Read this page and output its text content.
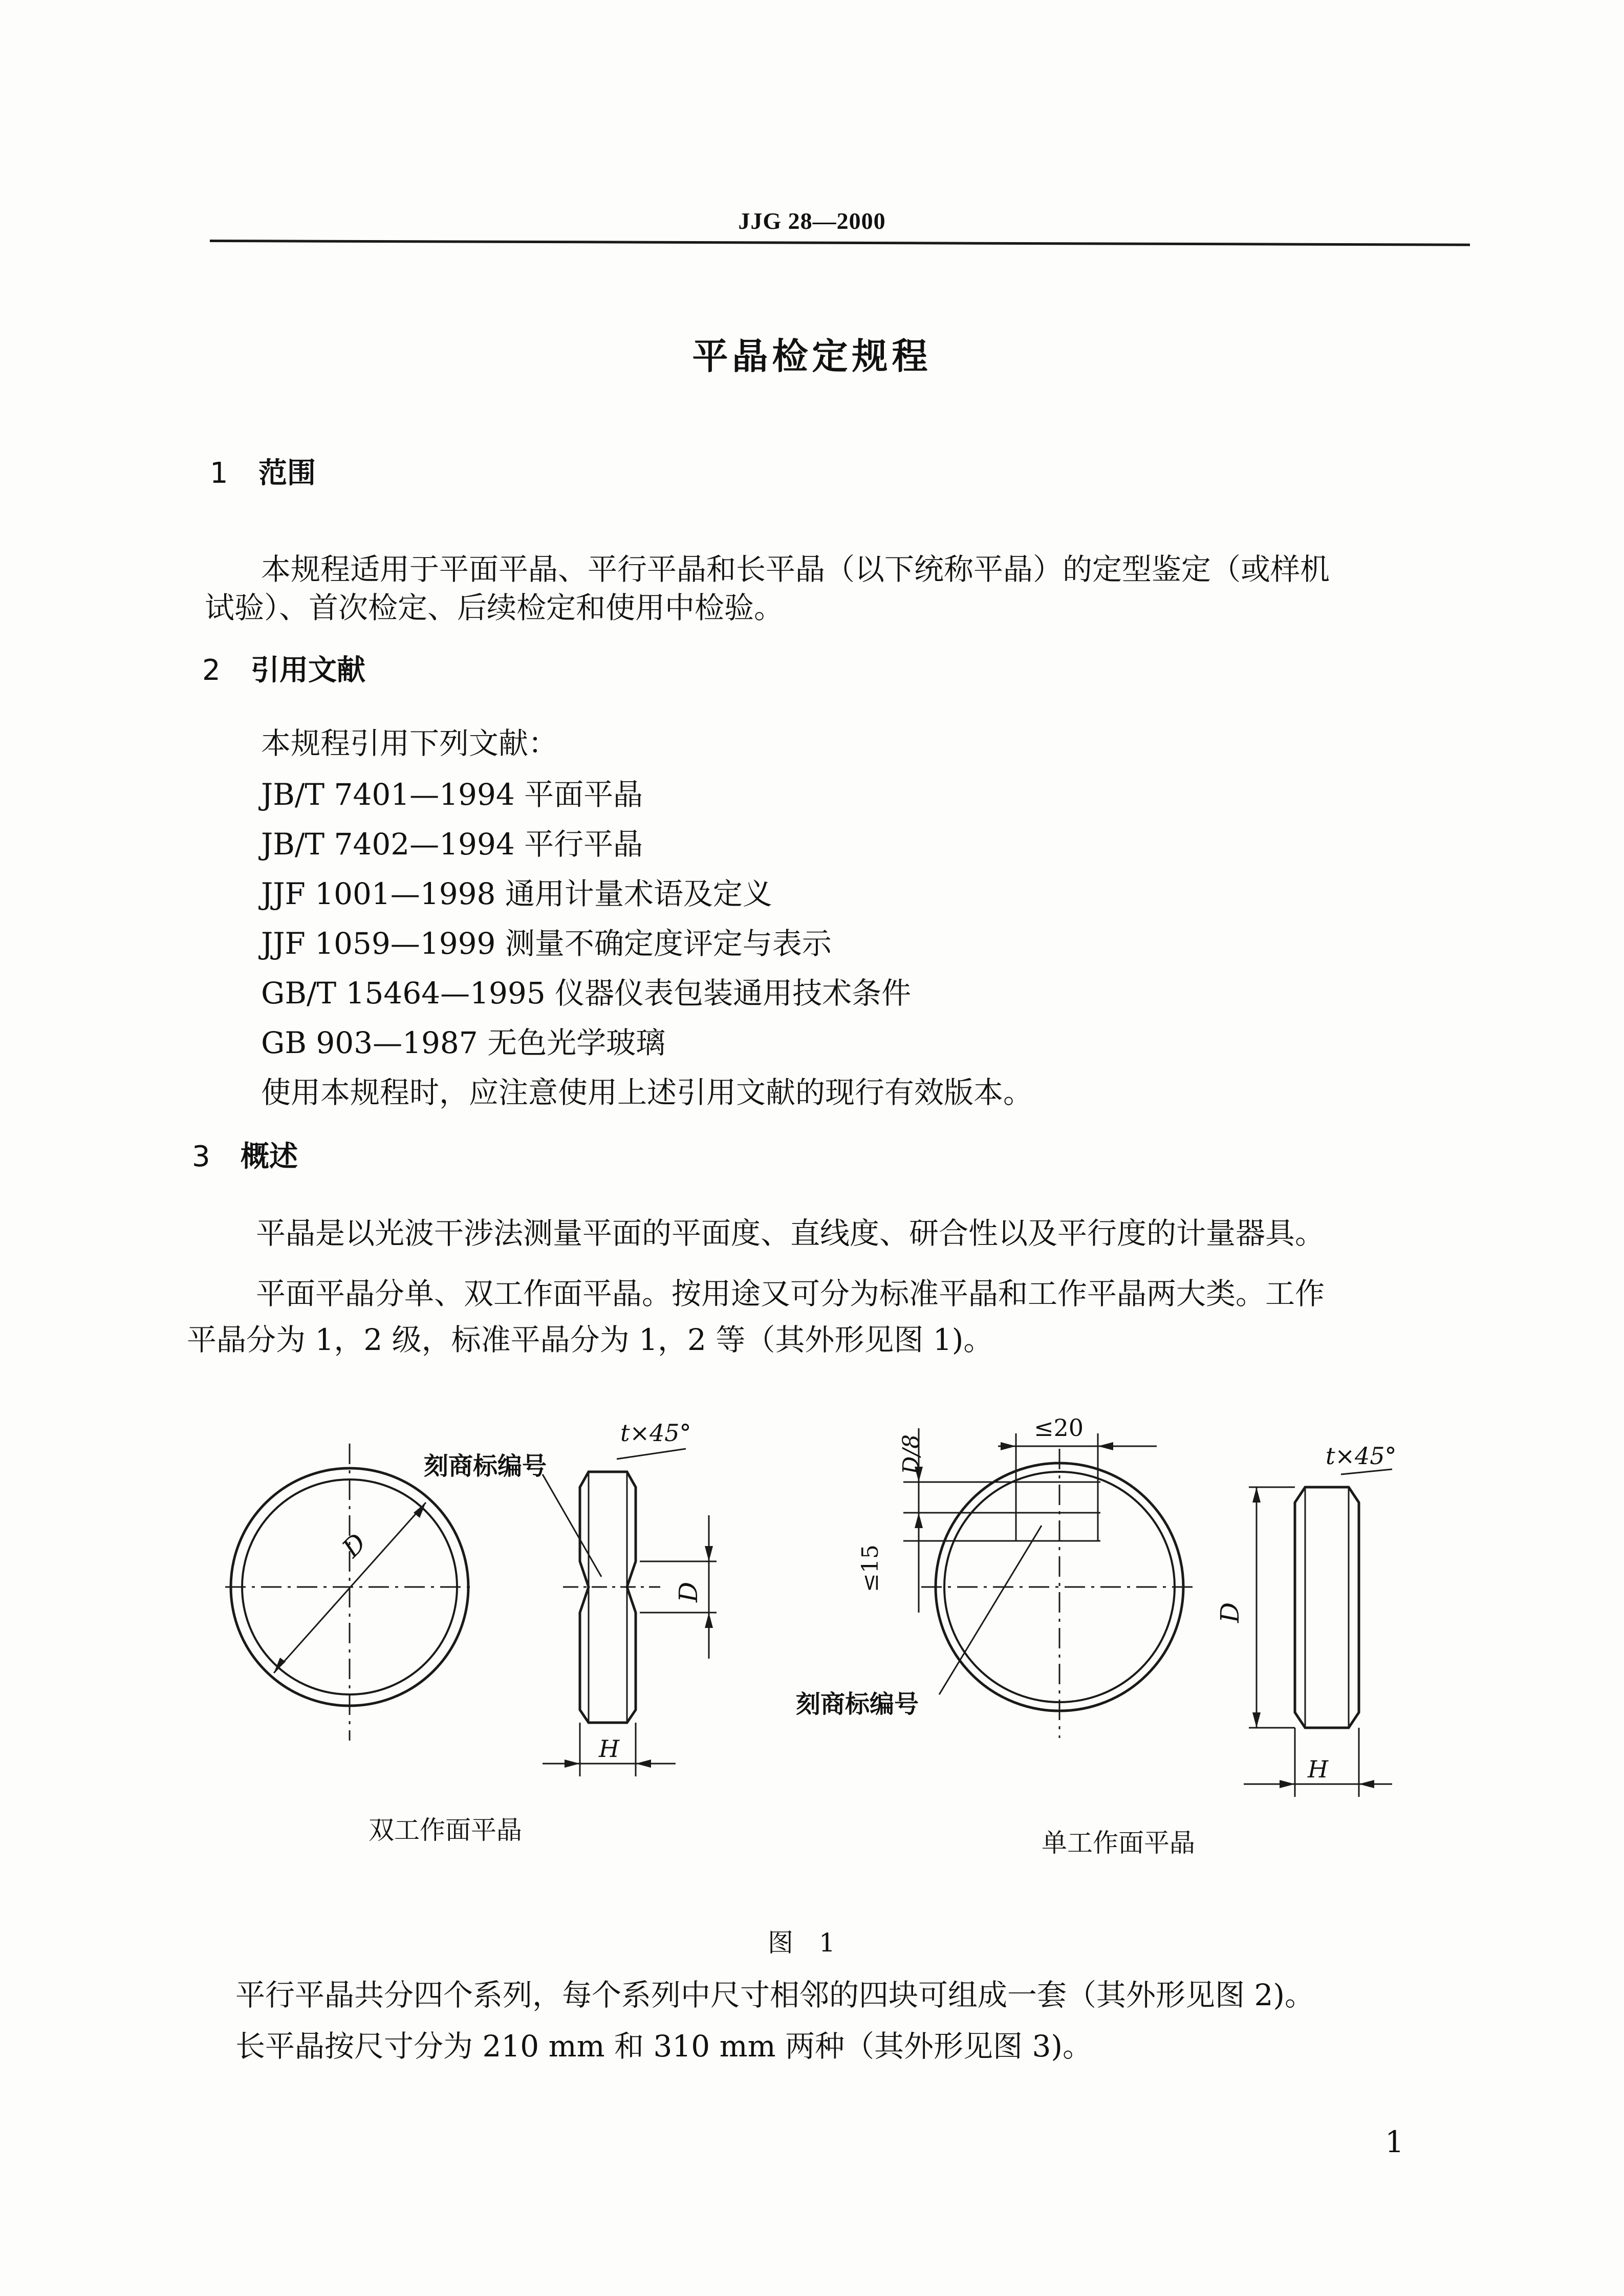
JJG 28—2000
平晶检定规程
1 范围
本规程适用于平面平晶、平行平晶和长平晶（以下统称平晶）的定型鉴定（或样机
试验）、首次检定、后续检定和使用中检验。
2 引用文献
本规程引用下列文献：
JB/T 7401—1994 平面平晶
JB/T 7402—1994 平行平晶
JJF 1001—1998 通用计量术语及定义
JJF 1059—1999 测量不确定度评定与表示
GB/T 15464—1995 仪器仪表包装通用技术条件
GB 903—1987 无色光学玻璃
使用本规程时，应注意使用上述引用文献的现行有效版本。
3 概述
平晶是以光波干涉法测量平面的平面度、直线度、研合性以及平行度的计量器具。
平面平晶分单、双工作面平晶。按用途又可分为标准平晶和工作平晶两大类。工作
平晶分为 1，2 级，标准平晶分为 1，2 等（其外形见图 1)。
刻商标编号
t×45°
D
D
H
刻商标编号
t×45°
≤20
D/8
≤15
D
H
双工作面平晶	单工作面平晶
图　1
平行平晶共分四个系列，每个系列中尺寸相邻的四块可组成一套（其外形见图 2)。
长平晶按尺寸分为 210 mm 和 310 mm 两种（其外形见图 3)。
1
